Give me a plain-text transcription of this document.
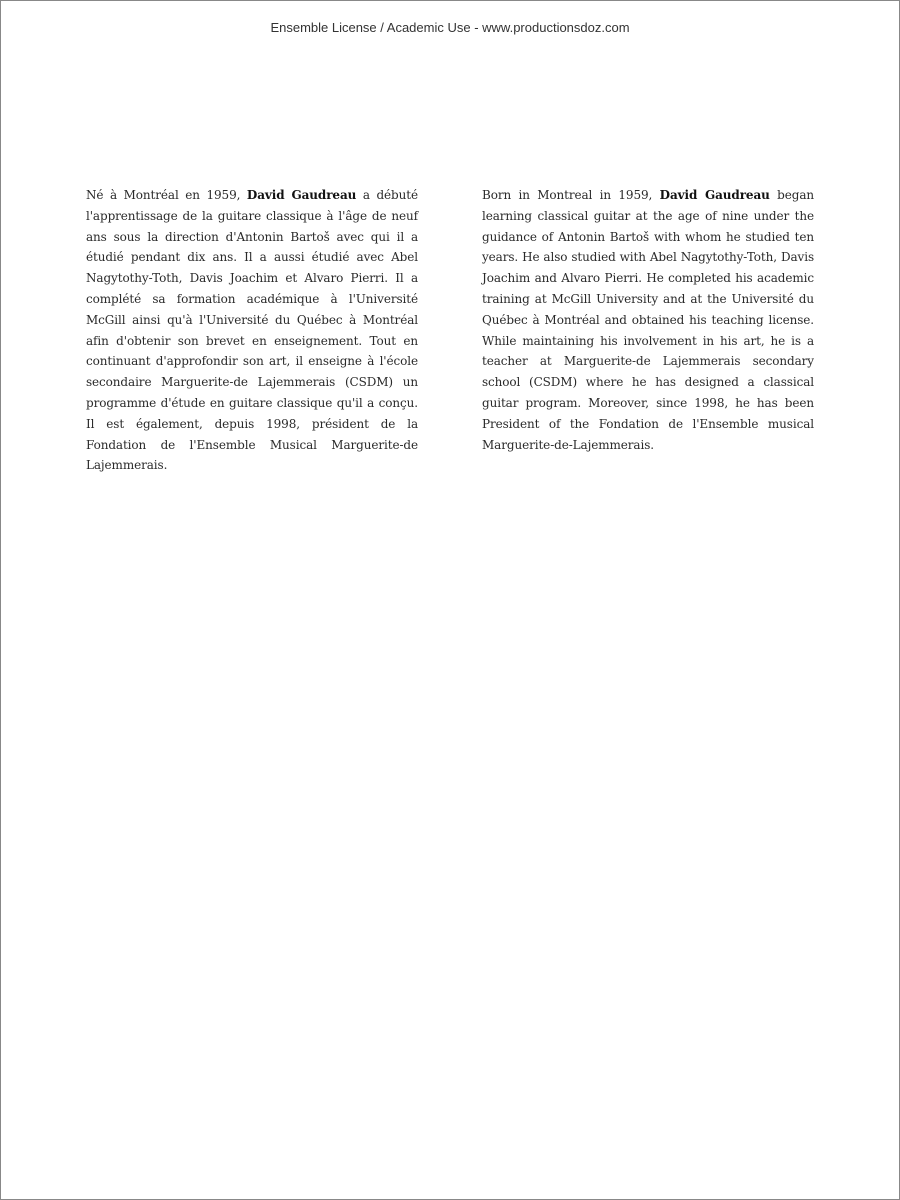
Ensemble License / Academic Use - www.productionsdoz.com
Né à Montréal en 1959, David Gaudreau a débuté l'apprentissage de la guitare classique à l'âge de neuf ans sous la direction d'Antonin Bartoš avec qui il a étudié pendant dix ans. Il a aussi étudié avec Abel Nagytothy-Toth, Davis Joachim et Alvaro Pierri. Il a complété sa formation académique à l'Université McGill ainsi qu'à l'Université du Québec à Montréal afin d'obtenir son brevet en enseignement. Tout en continuant d'approfondir son art, il enseigne à l'école secondaire Marguerite-de Lajemmerais (CSDM) un programme d'étude en guitare classique qu'il a conçu. Il est également, depuis 1998, président de la Fondation de l'Ensemble Musical Marguerite-de Lajemmerais.
Born in Montreal in 1959, David Gaudreau began learning classical guitar at the age of nine under the guidance of Antonin Bartoš with whom he studied ten years. He also studied with Abel Nagytothy-Toth, Davis Joachim and Alvaro Pierri. He completed his academic training at McGill University and at the Université du Québec à Montréal and obtained his teaching license. While maintaining his involvement in his art, he is a teacher at Marguerite-de Lajemmerais secondary school (CSDM) where he has designed a classical guitar program. Moreover, since 1998, he has been President of the Fondation de l'Ensemble musical Marguerite-de-Lajemmerais.
